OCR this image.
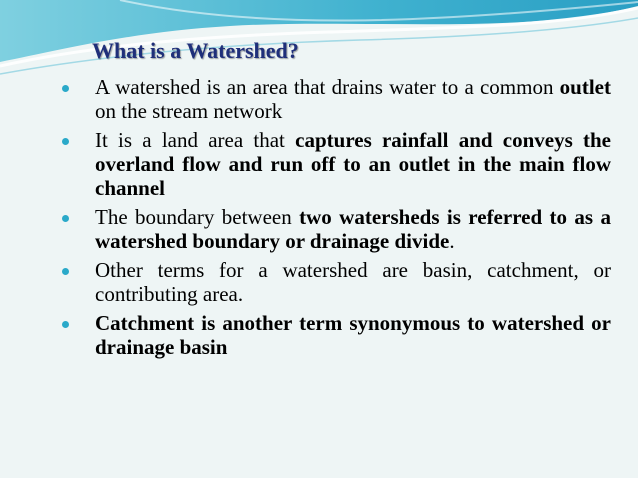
What is a Watershed?
A watershed is an area that drains water to a common outlet on the stream network
It is a land area that captures rainfall and conveys the overland flow and run off to an outlet in the main flow channel
The boundary between two watersheds is referred to as a watershed boundary or drainage divide.
Other terms for a watershed are basin, catchment, or contributing area.
Catchment is another term synonymous to watershed or drainage basin
